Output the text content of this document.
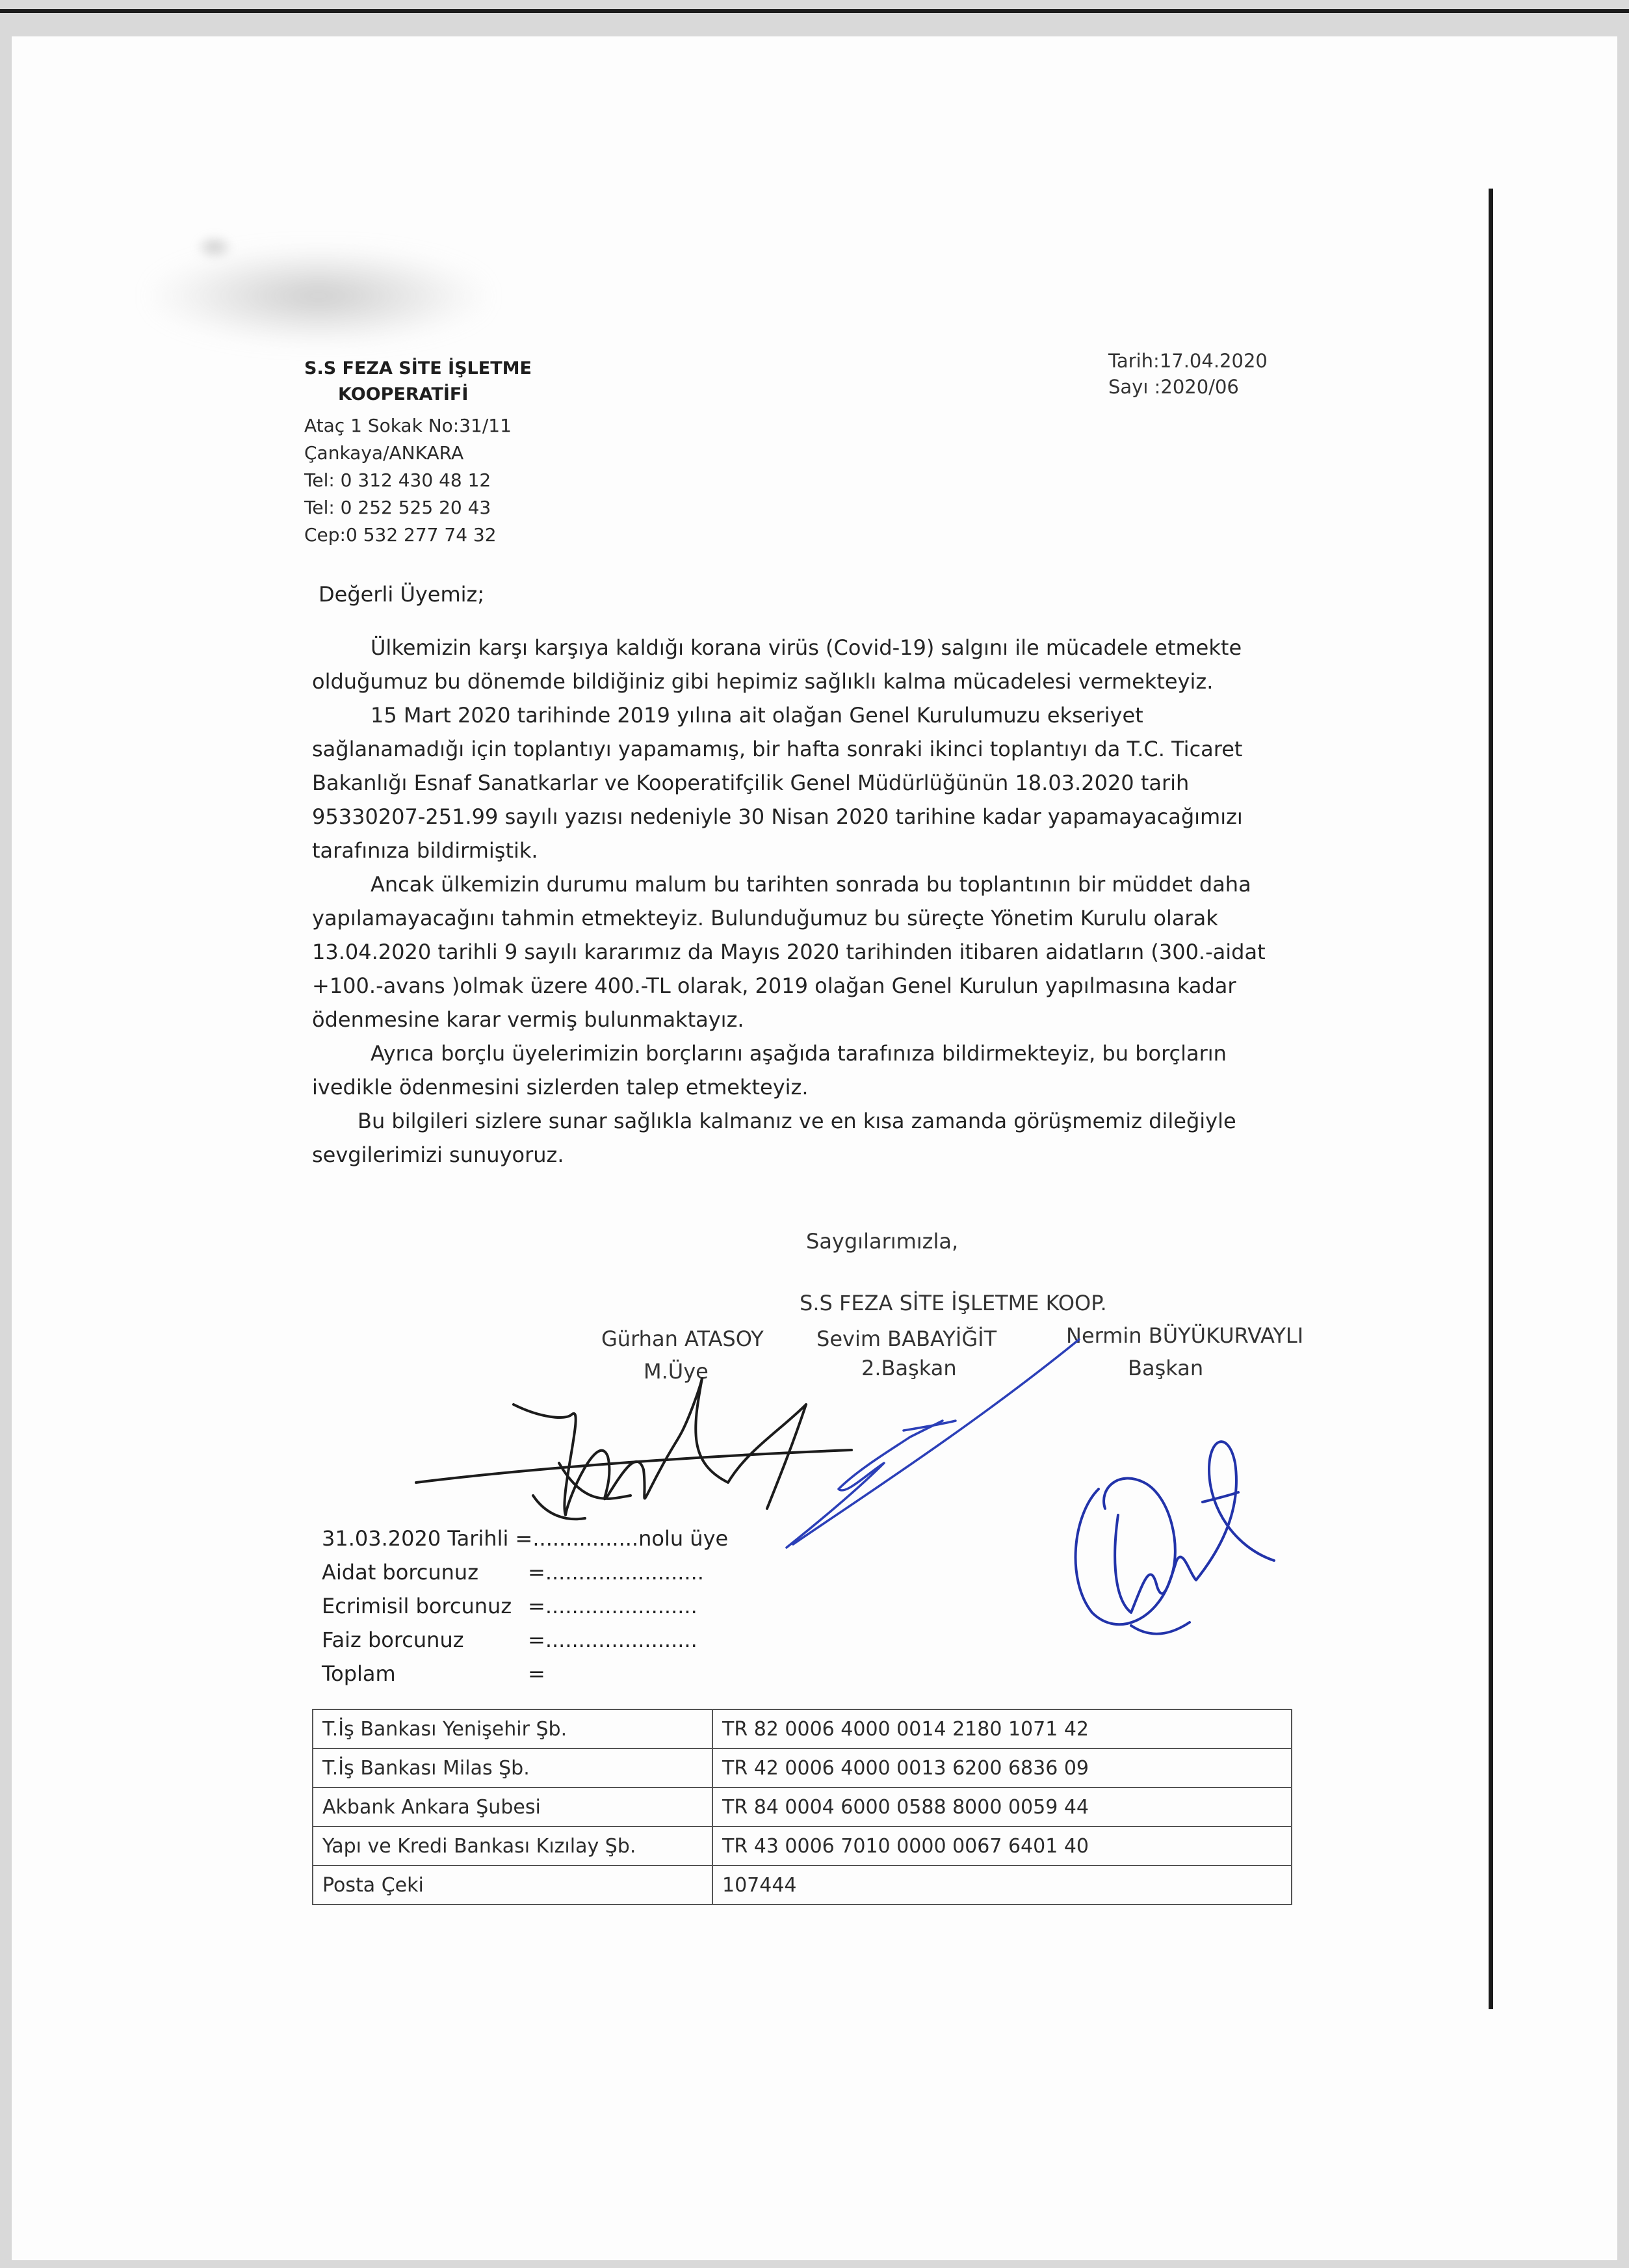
S.S FEZA SİTE İŞLETME
KOOPERATİFİ
Ataç 1 Sokak No:31/11
Çankaya/ANKARA
Tel: 0 312 430 48 12
Tel: 0 252 525 20 43
Cep:0 532 277 74 32
Tarih:17.04.2020
Sayı :2020/06
Değerli Üyemiz;

Ülkemizin karşı karşıya kaldığı korana virüs (Covid-19) salgını ile mücadele etmekte
olduğumuz bu dönemde bildiğiniz gibi hepimiz sağlıklı kalma mücadelesi vermekteyiz.

15 Mart 2020 tarihinde 2019 yılına ait olağan Genel Kurulumuzu ekseriyet
sağlanamadığı için toplantıyı yapamamış, bir hafta sonraki ikinci toplantıyı da T.C. Ticaret
Bakanlığı Esnaf Sanatkarlar ve Kooperatifçilik Genel Müdürlüğünün 18.03.2020 tarih
95330207-251.99 sayılı yazısı nedeniyle 30 Nisan 2020 tarihine kadar yapamayacağımızı
tarafınıza bildirmiştik.

Ancak ülkemizin durumu malum bu tarihten sonrada bu toplantının bir müddet daha
yapılamayacağını tahmin etmekteyiz. Bulunduğumuz bu süreçte Yönetim Kurulu olarak
13.04.2020 tarihli 9 sayılı kararımız da Mayıs 2020 tarihinden itibaren aidatların (300.-aidat
+100.-avans )olmak üzere 400.-TL olarak, 2019 olağan Genel Kurulun yapılmasına kadar
ödenmesine karar vermiş bulunmaktayız.

Ayrıca borçlu üyelerimizin borçlarını aşağıda tarafınıza bildirmekteyiz, bu borçların
ivedikle ödenmesini sizlerden talep etmekteyiz.

Bu bilgileri sizlere sunar sağlıkla kalmanız ve en kısa zamanda görüşmemiz dileğiyle
sevgilerimizi sunuyoruz.

Saygılarımızla,
S.S FEZA SİTE İŞLETME KOOP.
Gürhan ATASOY
M.Üye
Sevim BABAYİĞİT
2.Başkan
Nermin BÜYÜKURVAYLI
Başkan
31.03.2020 Tarihli =................nolu üye
Aidat borcunuz =........................
Ecrimisil borcunuz =.......................
Faiz borcunuz	=.......................
Toplam	=
T.İş Bankası Yenişehir Şb.	TR 82 0006 4000 0014 2180 1071 42
T.İş Bankası Milas Şb.	TR 42 0006 4000 0013 6200 6836 09
Akbank Ankara Şubesi	TR 84 0004 6000 0588 8000 0059 44
Yapı ve Kredi Bankası Kızılay Şb.	TR 43 0006 7010 0000 0067 6401 40
Posta Çeki	107444
